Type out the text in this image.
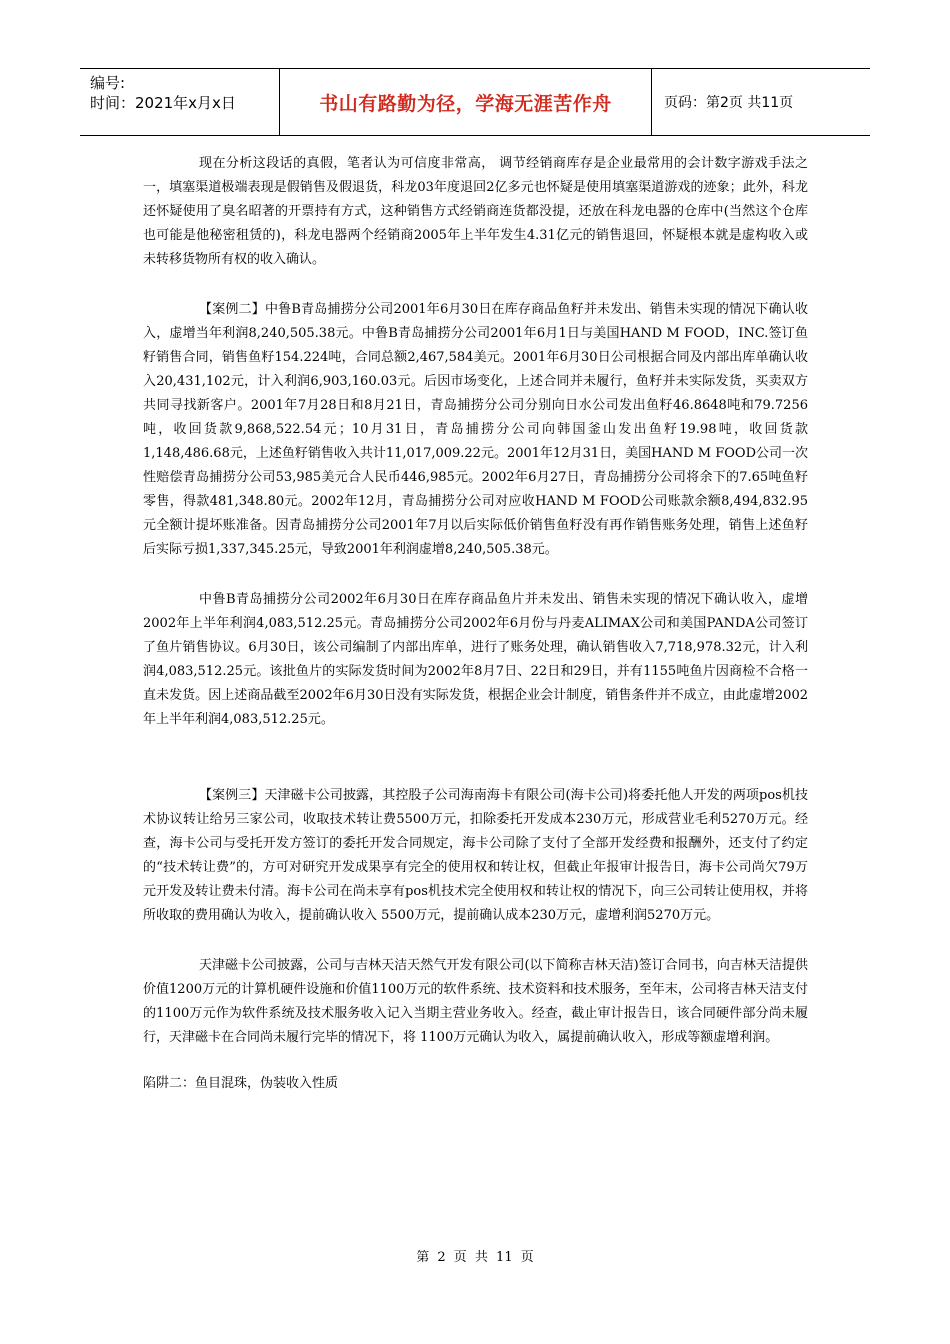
编号:
时间：2021年x月x日	书山有路勤为径，学海无涯苦作舟	页码：第2页 共11页

现在分析这段话的真假，笔者认为可信度非常高， 调节经销商库存是企业最常用的会计数字游戏手法之一，填塞渠道极端表现是假销售及假退货，科龙03年度退回2亿多元也怀疑是使用填塞渠道游戏的迹象；此外，科龙还怀疑使用了臭名昭著的开票持有方式，这种销售方式经销商连货都没提，还放在科龙电器的仓库中(当然这个仓库也可能是他秘密租赁的)，科龙电器两个经销商2005年上半年发生4.31亿元的销售退回，怀疑根本就是虚构收入或未转移货物所有权的收入确认。

【案例二】中鲁B青岛捕捞分公司2001年6月30日在库存商品鱼籽并未发出、销售未实现的情况下确认收入，虚增当年利润8,240,505.38元。中鲁B青岛捕捞分公司2001年6月1日与美国HAND M FOOD，INC.签订鱼籽销售合同，销售鱼籽154.224吨，合同总额2,467,584美元。2001年6月30日公司根据合同及内部出库单确认收入20,431,102元，计入利润6,903,160.03元。后因市场变化，上述合同并未履行，鱼籽并未实际发货，买卖双方共同寻找新客户。2001年7月28日和8月21日，青岛捕捞分公司分别向日水公司发出鱼籽46.8648吨和79.7256吨，收回货款9,868,522.54元；10月31日，青岛捕捞分公司向韩国釜山发出鱼籽19.98吨，收回货款1,148,486.68元，上述鱼籽销售收入共计11,017,009.22元。2001年12月31日，美国HAND M FOOD公司一次性赔偿青岛捕捞分公司53,985美元合人民币446,985元。2002年6月27日，青岛捕捞分公司将余下的7.65吨鱼籽零售，得款481,348.80元。2002年12月，青岛捕捞分公司对应收HAND M FOOD公司账款余额8,494,832.95元全额计提坏账准备。因青岛捕捞分公司2001年7月以后实际低价销售鱼籽没有再作销售账务处理，销售上述鱼籽后实际亏损1,337,345.25元，导致2001年利润虚增8,240,505.38元。

中鲁B青岛捕捞分公司2002年6月30日在库存商品鱼片并未发出、销售未实现的情况下确认收入，虚增2002年上半年利润4,083,512.25元。青岛捕捞分公司2002年6月份与丹麦ALIMAX公司和美国PANDA公司签订了鱼片销售协议。6月30日，该公司编制了内部出库单，进行了账务处理，确认销售收入7,718,978.32元，计入利润4,083,512.25元。该批鱼片的实际发货时间为2002年8月7日、22日和29日，并有1155吨鱼片因商检不合格一直未发货。因上述商品截至2002年6月30日没有实际发货，根据企业会计制度，销售条件并不成立，由此虚增2002年上半年利润4,083,512.25元。

【案例三】天津磁卡公司披露，其控股子公司海南海卡有限公司(海卡公司)将委托他人开发的两项pos机技术协议转让给另三家公司，收取技术转让费5500万元，扣除委托开发成本230万元，形成营业毛利5270万元。经查，海卡公司与受托开发方签订的委托开发合同规定，海卡公司除了支付了全部开发经费和报酬外，还支付了约定的“技术转让费”的，方可对研究开发成果享有完全的使用权和转让权，但截止年报审计报告日，海卡公司尚欠79万元开发及转让费未付清。海卡公司在尚未享有pos机技术完全使用权和转让权的情况下，向三公司转让使用权，并将所收取的费用确认为收入，提前确认收入 5500万元，提前确认成本230万元，虚增利润5270万元。

天津磁卡公司披露，公司与吉林天洁天然气开发有限公司(以下简称吉林天洁)签订合同书，向吉林天洁提供价值1200万元的计算机硬件设施和价值1100万元的软件系统、技术资料和技术服务，至年末，公司将吉林天洁支付的1100万元作为软件系统及技术服务收入记入当期主营业务收入。经查，截止审计报告日，该合同硬件部分尚未履行，天津磁卡在合同尚未履行完毕的情况下，将 1100万元确认为收入，属提前确认收入，形成等额虚增利润。

陷阱二：鱼目混珠，伪装收入性质

第 2 页 共 11 页
